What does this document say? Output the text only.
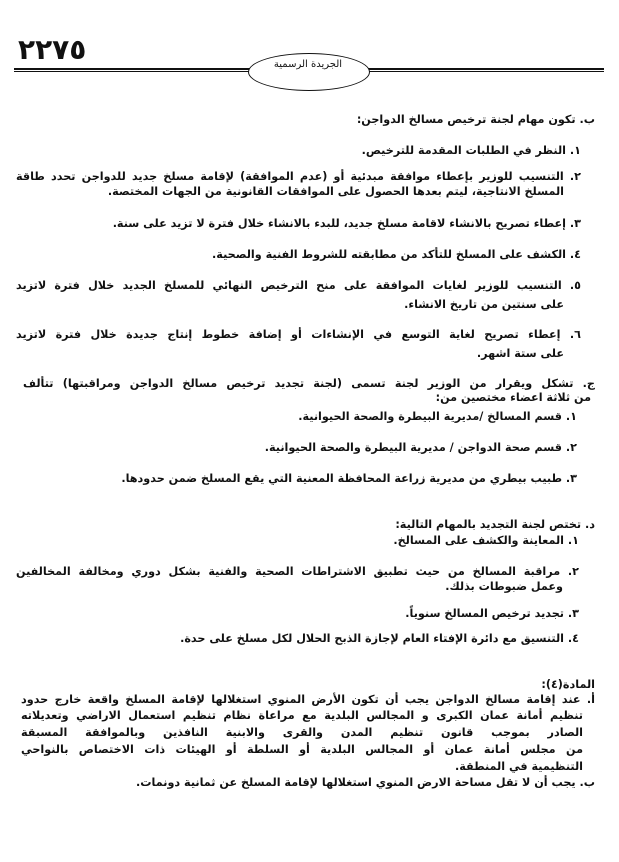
٢٢٧٥	الجريدة الرسمية
ب. تكون مهام لجنة ترخيص مسالخ الدواجن:
١. النظر في الطلبات المقدمة للترخيص.
٢. التنسيب للوزير بإعطاء موافقة مبدئية أو (عدم الموافقة) لإقامة مسلخ جديد للدواجن تحدد طاقة
المسلخ الانتاجية، ليتم بعدها الحصول على الموافقات القانونية من الجهات المختصة.
٣. إعطاء تصريح بالانشاء لاقامة مسلخ جديد، للبدء بالانشاء خلال فترة لا تزيد على سنة.
٤. الكشف على المسلخ للتأكد من مطابقته للشروط الفنية والصحية.
٥. التنسيب للوزير لغايات الموافقة على منح الترخيص النهائي للمسلخ الجديد خلال فترة لاتزيد
على سنتين من تاريخ الانشاء.
٦. إعطاء تصريح لغاية التوسع في الإنشاءات أو إضافة خطوط إنتاج جديدة خلال فترة لاتزيد
على ستة اشهر.
ج. تشكل ويقرار من الوزير لجنة تسمى (لجنة تجديد ترخيص مسالخ الدواجن ومراقبتها) تتألف
من ثلاثة اعضاء مختصين من:
١. قسم المسالخ /مديرية البيطرة والصحة الحيوانية.
٢. قسم صحة الدواجن / مديرية البيطرة والصحة الحيوانية.
٣. طبيب بيطري من مديرية زراعة المحافظة المعنية التي يقع المسلخ ضمن حدودها.
د. تختص لجنة التجديد بالمهام التالية:
١. المعاينة والكشف على المسالخ.
٢. مراقبة المسالخ من حيث تطبيق الاشتراطات الصحية والفنية بشكل دوري ومخالفة المخالفين
وعمل ضبوطات بذلك.
٣. تجديد ترخيص المسالخ سنوياً.
٤. التنسيق مع دائرة الإفتاء العام لإجازة الذبح الحلال لكل مسلخ على حدة.
المادة(٤):
أ. عند إقامة مسالخ الدواجن يجب أن تكون الأرض المنوي استغلالها لإقامة المسلخ واقعة خارج حدود
تنظيم أمانة عمان الكبرى و المجالس البلدية مع مراعاة نظام تنظيم استعمال الاراضي وتعديلاته
الصادر بموجب قانون تنظيم المدن والقرى والابنية النافذين وبالموافقة المسبقة
من مجلس أمانة عمان أو المجالس البلدية أو السلطة أو الهيئات ذات الاختصاص بالنواحي
التنظيمية في المنطقة.
ب. يجب أن لا تقل مساحة الارض المنوي استغلالها لإقامة المسلخ عن ثمانية دونمات.
